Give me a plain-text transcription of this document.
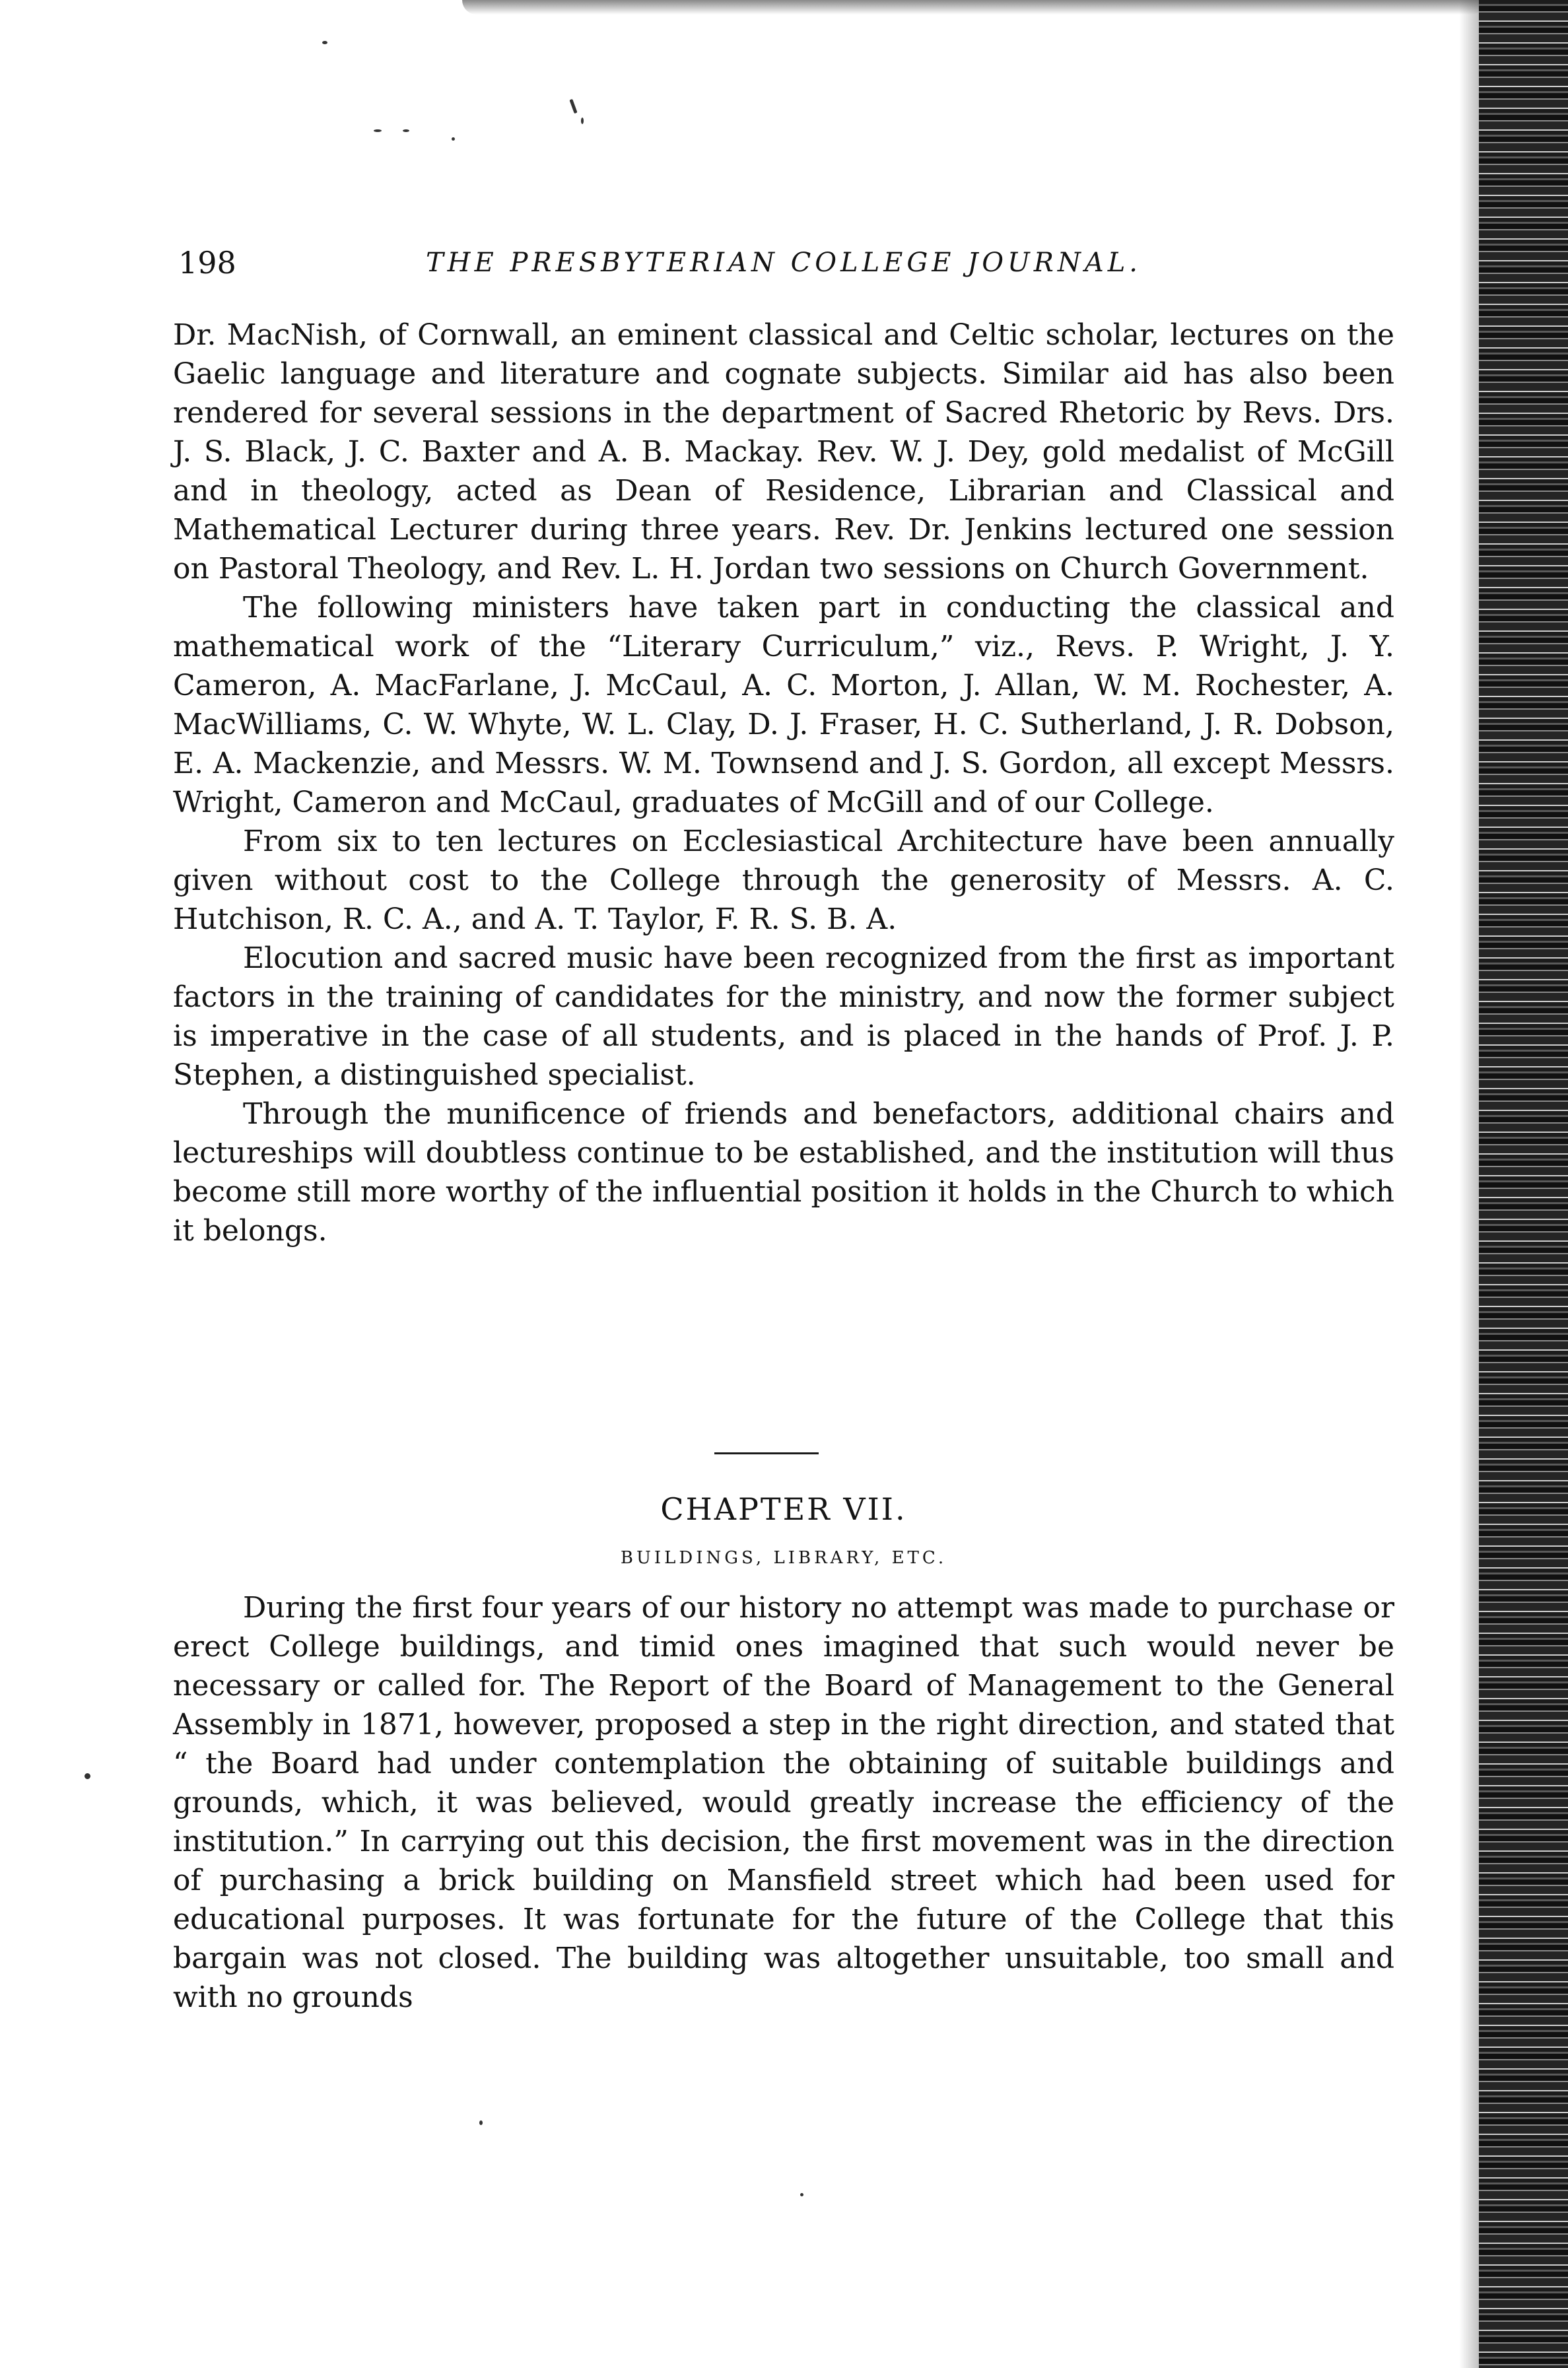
198	THE PRESBYTERIAN COLLEGE JOURNAL.

Dr. MacNish, of Cornwall, an eminent classical and Celtic scholar, lectures on the Gaelic language and literature and cognate subjects. Similar aid has also been rendered for several sessions in the department of Sacred Rhetoric by Revs. Drs. J. S. Black, J. C. Baxter and A. B. Mackay. Rev. W. J. Dey, gold medalist of McGill and in theology, acted as Dean of Residence, Librarian and Classical and Mathematical Lecturer during three years. Rev. Dr. Jenkins lectured one session on Pastoral Theology, and Rev. L. H. Jordan two sessions on Church Government.

The following ministers have taken part in conducting the classical and mathematical work of the “Literary Curriculum,” viz., Revs. P. Wright, J. Y. Cameron, A. MacFarlane, J. McCaul, A. C. Morton, J. Allan, W. M. Rochester, A. MacWilliams, C. W. Whyte, W. L. Clay, D. J. Fraser, H. C. Sutherland, J. R. Dobson, E. A. Mackenzie, and Messrs. W. M. Townsend and J. S. Gordon, all except Messrs. Wright, Cameron and McCaul, graduates of McGill and of our College.

From six to ten lectures on Ecclesiastical Architecture have been annually given without cost to the College through the generosity of Messrs. A. C. Hutchison, R. C. A., and A. T. Taylor, F. R. S. B. A.

Elocution and sacred music have been recognized from the first as important factors in the training of candidates for the ministry, and now the former subject is imperative in the case of all students, and is placed in the hands of Prof. J. P. Stephen, a distinguished specialist.

Through the munificence of friends and benefactors, additional chairs and lectureships will doubtless continue to be established, and the institution will thus become still more worthy of the influential position it holds in the Church to which it belongs.

CHAPTER VII.
BUILDINGS, LIBRARY, ETC.

During the first four years of our history no attempt was made to purchase or erect College buildings, and timid ones imagined that such would never be necessary or called for. The Report of the Board of Management to the General Assembly in 1871, however, proposed a step in the right direction, and stated that “ the Board had under contemplation the obtaining of suitable buildings and grounds, which, it was believed, would greatly increase the efficiency of the institution.” In carrying out this decision, the first movement was in the direction of purchasing a brick building on Mansfield street which had been used for educational purposes. It was fortunate for the future of the College that this bargain was not closed. The building was altogether unsuitable, too small and with no grounds
